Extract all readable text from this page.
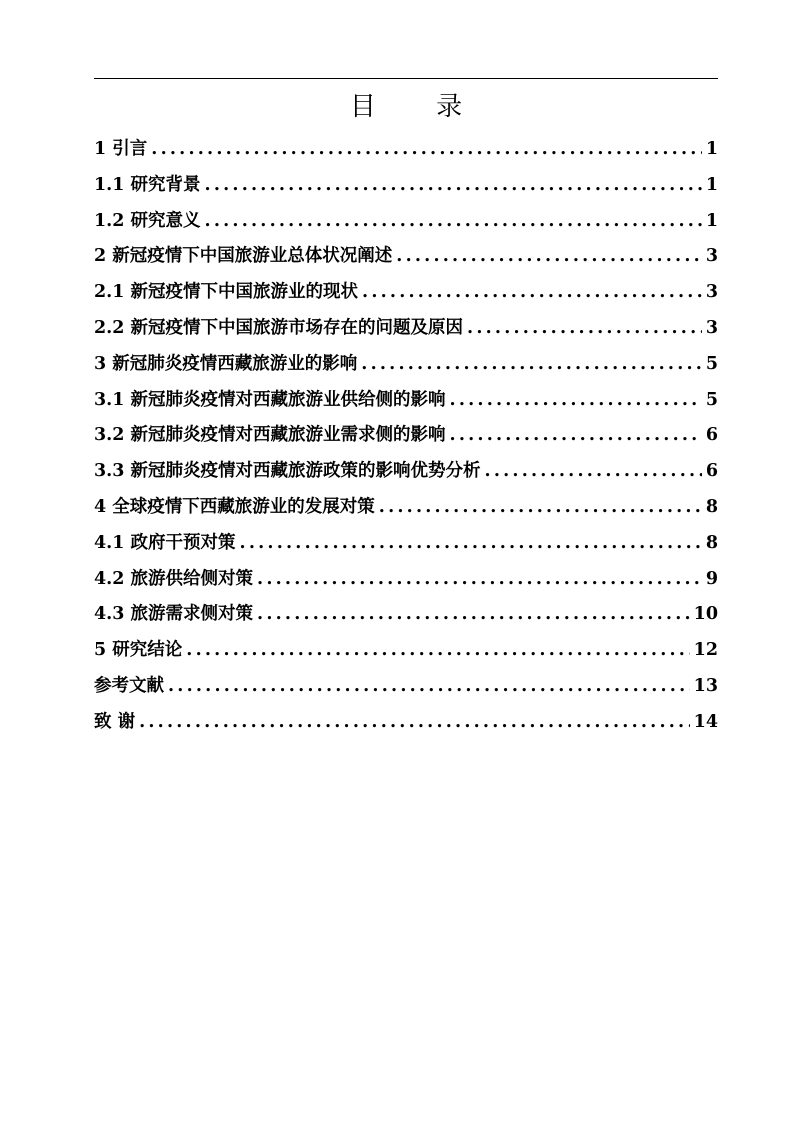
目 录
1 引言 .....	1
1.1 研究背景 .....	1
1.2 研究意义 .....	1
2 新冠疫情下中国旅游业总体状况阐述 .....	3
2.1 新冠疫情下中国旅游业的现状 .....	3
2.2 新冠疫情下中国旅游市场存在的问题及原因 .....	3
3 新冠肺炎疫情西藏旅游业的影响 .....	5
3.1 新冠肺炎疫情对西藏旅游业供给侧的影响 .....	5
3.2 新冠肺炎疫情对西藏旅游业需求侧的影响 .....	6
3.3 新冠肺炎疫情对西藏旅游政策的影响优势分析 .....	6
4 全球疫情下西藏旅游业的发展对策 .....	8
4.1 政府干预对策 .....	8
4.2 旅游供给侧对策 .....	9
4.3 旅游需求侧对策 .....	10
5 研究结论 .....	12
参考文献 .....	13
致 谢 .....	14
